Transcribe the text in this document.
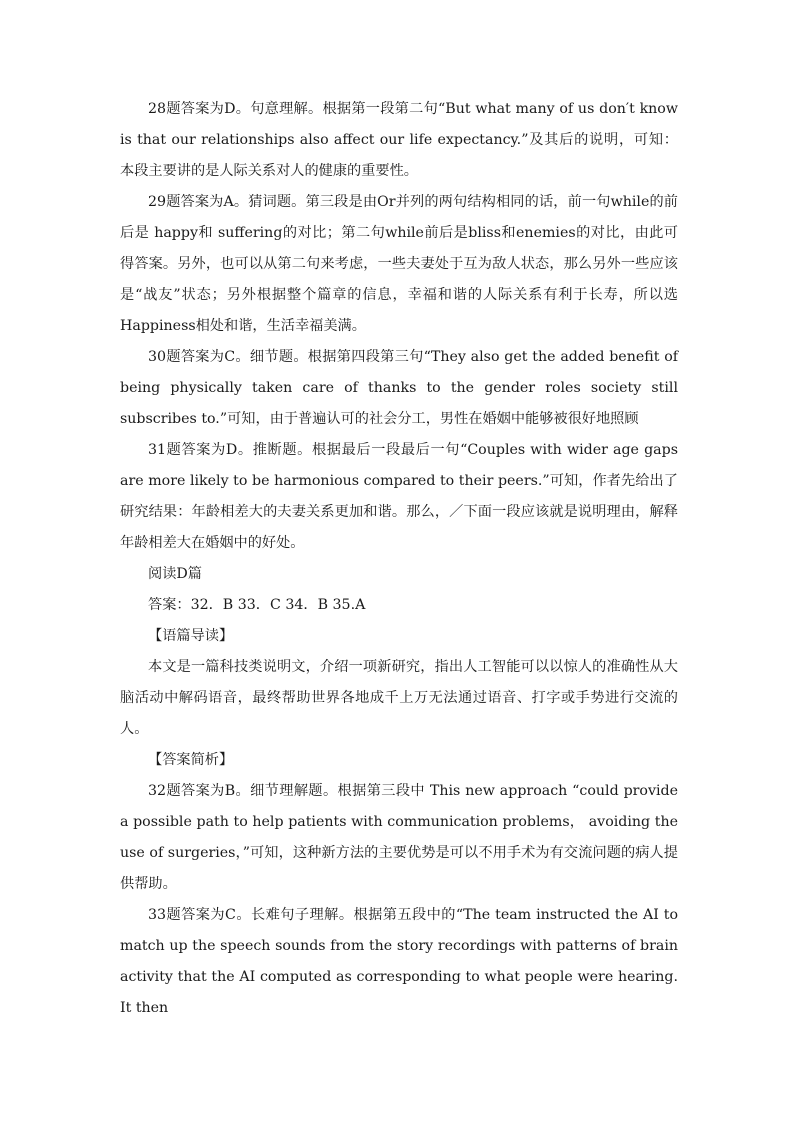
28题答案为D。句意理解。根据第一段第二句“But what many of us don′t know is that our relationships also affect our life expectancy.”及其后的说明，可知：本段主要讲的是人际关系对人的健康的重要性。

29题答案为A。猜词题。第三段是由Or并列的两句结构相同的话，前一句while的前后是 happy和 suffering的对比；第二句while前后是bliss和enemies的对比，由此可得答案。另外，也可以从第二句来考虑，一些夫妻处于互为敌人状态，那么另外一些应该是“战友”状态；另外根据整个篇章的信息，幸福和谐的人际关系有利于长寿，所以选Happiness相处和谐，生活幸福美满。

30题答案为C。细节题。根据第四段第三句“They also get the added benefit of being physically taken care of thanks to the gender roles society still subscribes to.”可知，由于普遍认可的社会分工，男性在婚姻中能够被很好地照顾

31题答案为D。推断题。根据最后一段最后一句“Couples with wider age gaps are more likely to be harmonious compared to their peers.”可知，作者先给出了研究结果：年龄相差大的夫妻关系更加和谐。那么，／下面一段应该就是说明理由，解释年龄相差大在婚姻中的好处。

阅读D篇

答案：32．B 33．C 34．B 35.A

【语篇导读】

本文是一篇科技类说明文，介绍一项新研究，指出人工智能可以以惊人的准确性从大脑活动中解码语音，最终帮助世界各地成千上万无法通过语音、打字或手势进行交流的人。

【答案简析】

32题答案为B。细节理解题。根据第三段中 This new approach “could provide a possible path to help patients with communication problems， avoiding the use of surgeries，”可知，这种新方法的主要优势是可以不用手术为有交流问题的病人提供帮助。

33题答案为C。长难句子理解。根据第五段中的“The team instructed the AI to match up the speech sounds from the story recordings with patterns of brain activity that the AI computed as corresponding to what people were hearing. It then
